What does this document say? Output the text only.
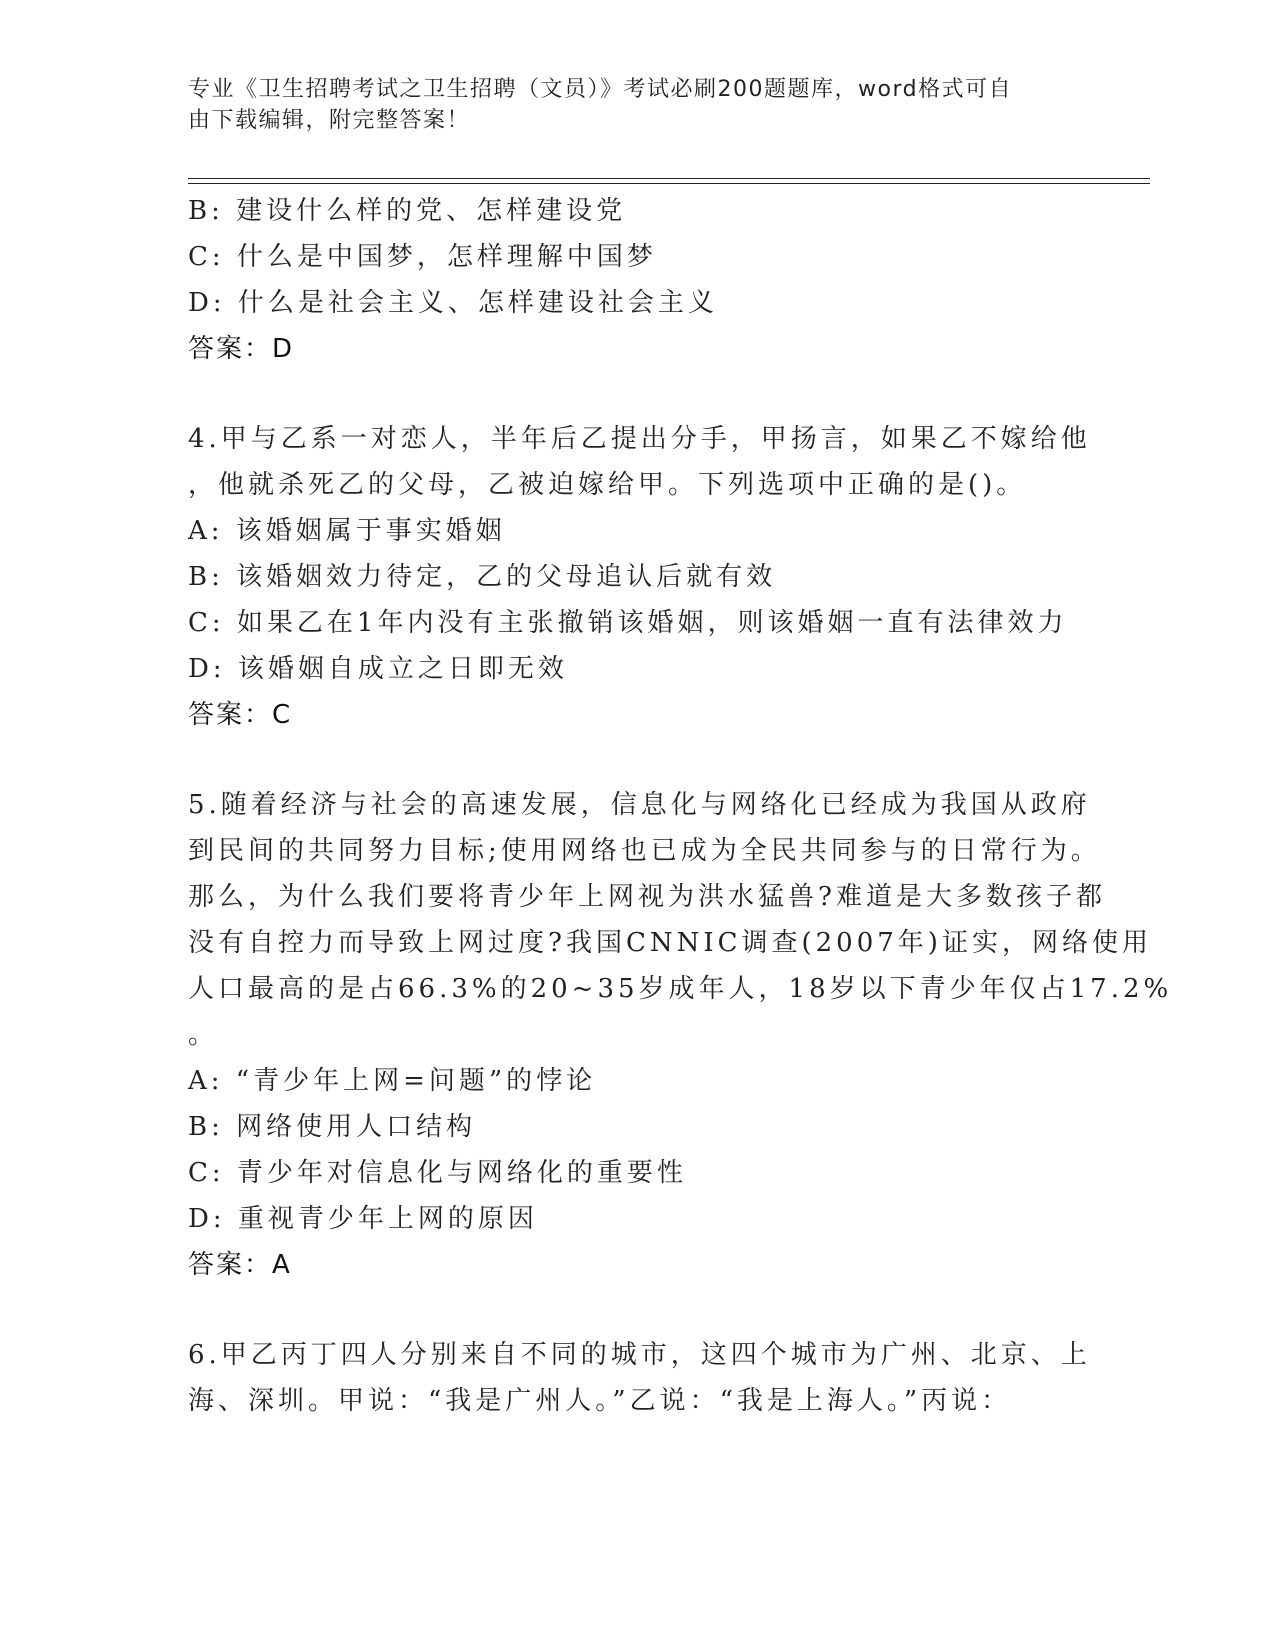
专业《卫生招聘考试之卫生招聘（文员）》考试必刷200题题库，word格式可自
由下载编辑，附完整答案！
B: 建设什么样的党、怎样建设党
C: 什么是中国梦，怎样理解中国梦
D: 什么是社会主义、怎样建设社会主义
答案：D
4.甲与乙系一对恋人，半年后乙提出分手，甲扬言，如果乙不嫁给他
，他就杀死乙的父母，乙被迫嫁给甲。下列选项中正确的是()。
A: 该婚姻属于事实婚姻
B: 该婚姻效力待定，乙的父母追认后就有效
C: 如果乙在1年内没有主张撤销该婚姻，则该婚姻一直有法律效力
D: 该婚姻自成立之日即无效
答案：C
5.随着经济与社会的高速发展，信息化与网络化已经成为我国从政府
到民间的共同努力目标;使用网络也已成为全民共同参与的日常行为。
那么，为什么我们要将青少年上网视为洪水猛兽?难道是大多数孩子都
没有自控力而导致上网过度?我国CNNIC调查(2007年)证实，网络使用
人口最高的是占66.3%的20~35岁成年人，18岁以下青少年仅占17.2%
。
A: “青少年上网=问题”的悖论
B: 网络使用人口结构
C: 青少年对信息化与网络化的重要性
D: 重视青少年上网的原因
答案：A
6.甲乙丙丁四人分别来自不同的城市，这四个城市为广州、北京、上
海、深圳。甲说：“我是广州人。”乙说：“我是上海人。”丙说：
